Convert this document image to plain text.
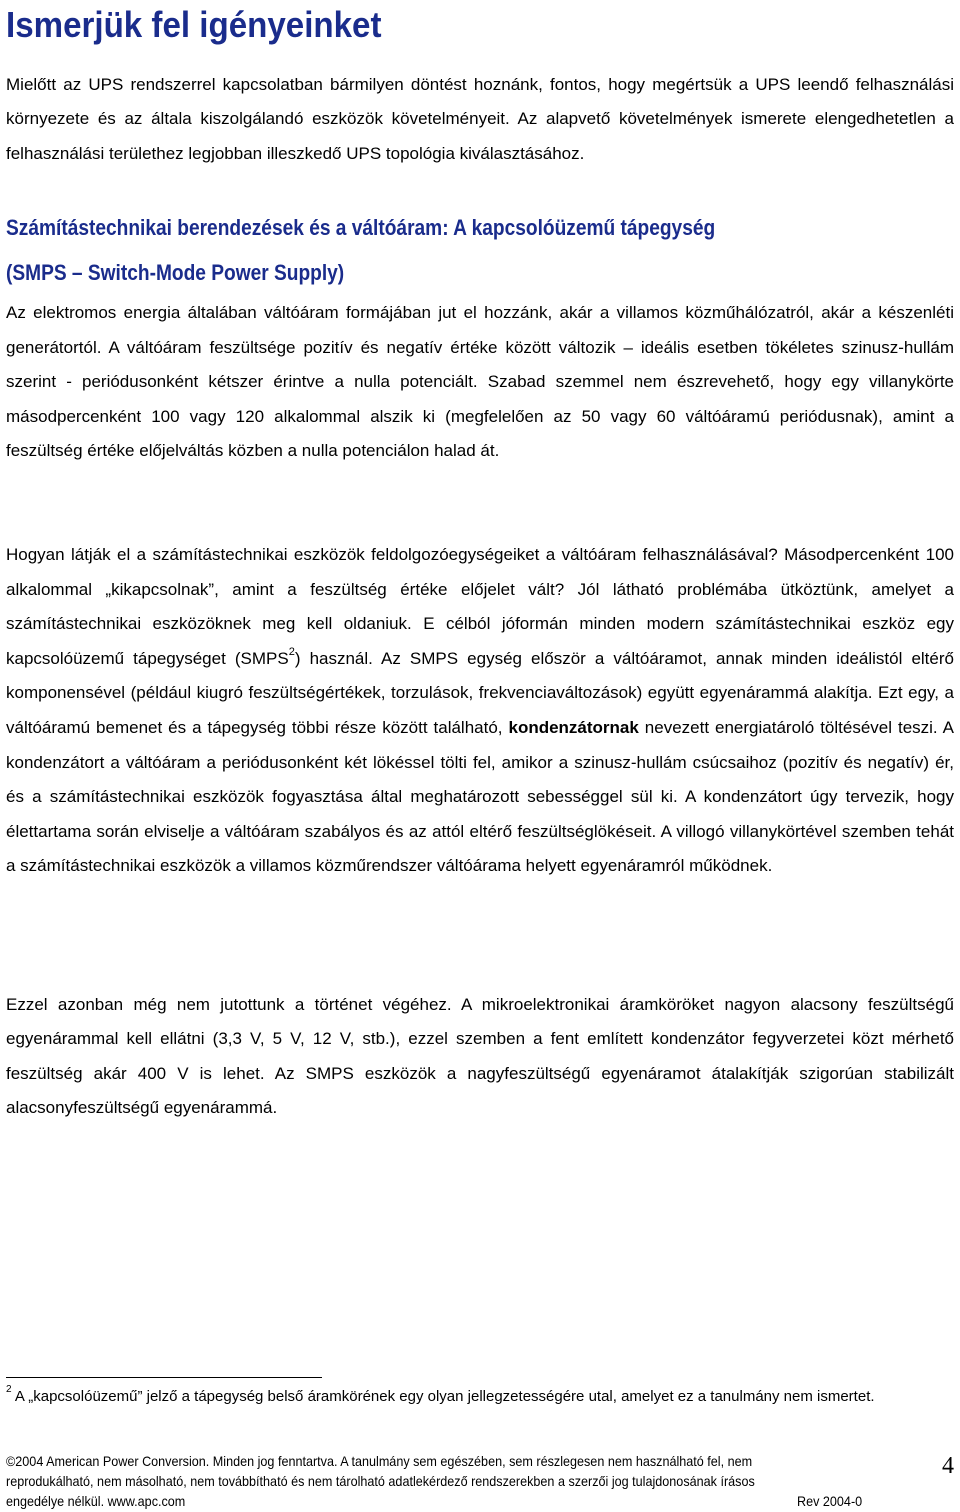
Ismerjük fel igényeinket

Mielőtt az UPS rendszerrel kapcsolatban bármilyen döntést hoznánk, fontos, hogy megértsük a UPS leendő felhasználási környezete és az általa kiszolgálandó eszközök követelményeit. Az alapvető követelmények ismerete elengedhetetlen a felhasználási területhez legjobban illeszkedő UPS topológia kiválasztásához.

Számítástechnikai berendezések és a váltóáram: A kapcsolóüzemű tápegység
(SMPS – Switch-Mode Power Supply)

Az elektromos energia általában váltóáram formájában jut el hozzánk, akár a villamos közműhálózatról, akár a készenléti generátortól. A váltóáram feszültsége pozitív és negatív értéke között változik – ideális esetben tökéletes szinusz-hullám szerint - periódusonként kétszer érintve a nulla potenciált. Szabad szemmel nem észrevehető, hogy egy villanykörte másodpercenként 100 vagy 120 alkalommal alszik ki (megfelelően az 50 vagy 60 váltóáramú periódusnak), amint a feszültség értéke előjelváltás közben a nulla potenciálon halad át.

Hogyan látják el a számítástechnikai eszközök feldolgozóegységeiket a váltóáram felhasználásával? Másodpercenként 100 alkalommal „kikapcsolnak”, amint a feszültség értéke előjelet vált? Jól látható problémába ütköztünk, amelyet a számítástechnikai eszközöknek meg kell oldaniuk. E célból jóformán minden modern számítástechnikai eszköz egy kapcsolóüzemű tápegységet (SMPS$^2$) használ. Az SMPS egység először a váltóáramot, annak minden ideálistól eltérő komponensével (például kiugró feszültségértékek, torzulások, frekvenciaváltozások) együtt egyenárammá alakítja. Ezt egy, a váltóáramú bemenet és a tápegység többi része között található, kondenzátornak nevezett energiatároló töltésével teszi. A kondenzátort a váltóáram a periódusonként két lökéssel tölti fel, amikor a szinusz-hullám csúcsaihoz (pozitív és negatív) ér, és a számítástechnikai eszközök fogyasztása által meghatározott sebességgel sül ki. A kondenzátort úgy tervezik, hogy élettartama során elviselje a váltóáram szabályos és az attól eltérő feszültséglökéseit. A villogó villanykörtével szemben tehát a számítástechnikai eszközök a villamos közműrendszer váltóárama helyett egyenáramról működnek.

Ezzel azonban még nem jutottunk a történet végéhez. A mikroelektronikai áramköröket nagyon alacsony feszültségű egyenárammal kell ellátni (3,3 V, 5 V, 12 V, stb.), ezzel szemben a fent említett kondenzátor fegyverzetei közt mérhető feszültség akár 400 V is lehet. Az SMPS eszközök a nagyfeszültségű egyenáramot átalakítják szigorúan stabilizált alacsonyfeszültségű egyenárammá.

$^2$ A „kapcsolóüzemű” jelző a tápegység belső áramkörének egy olyan jellegzetességére utal, amelyet ez a tanulmány nem ismertet.

©2004 American Power Conversion. Minden jog fenntartva. A tanulmány sem egészében, sem részlegesen nem használható fel, nem reprodukálható, nem másolható, nem továbbítható és nem tárolható adatlekérdező rendszerekben a szerzői jog tulajdonosának írásos engedélye nélkül. www.apc.com	Rev 2004-0
4
